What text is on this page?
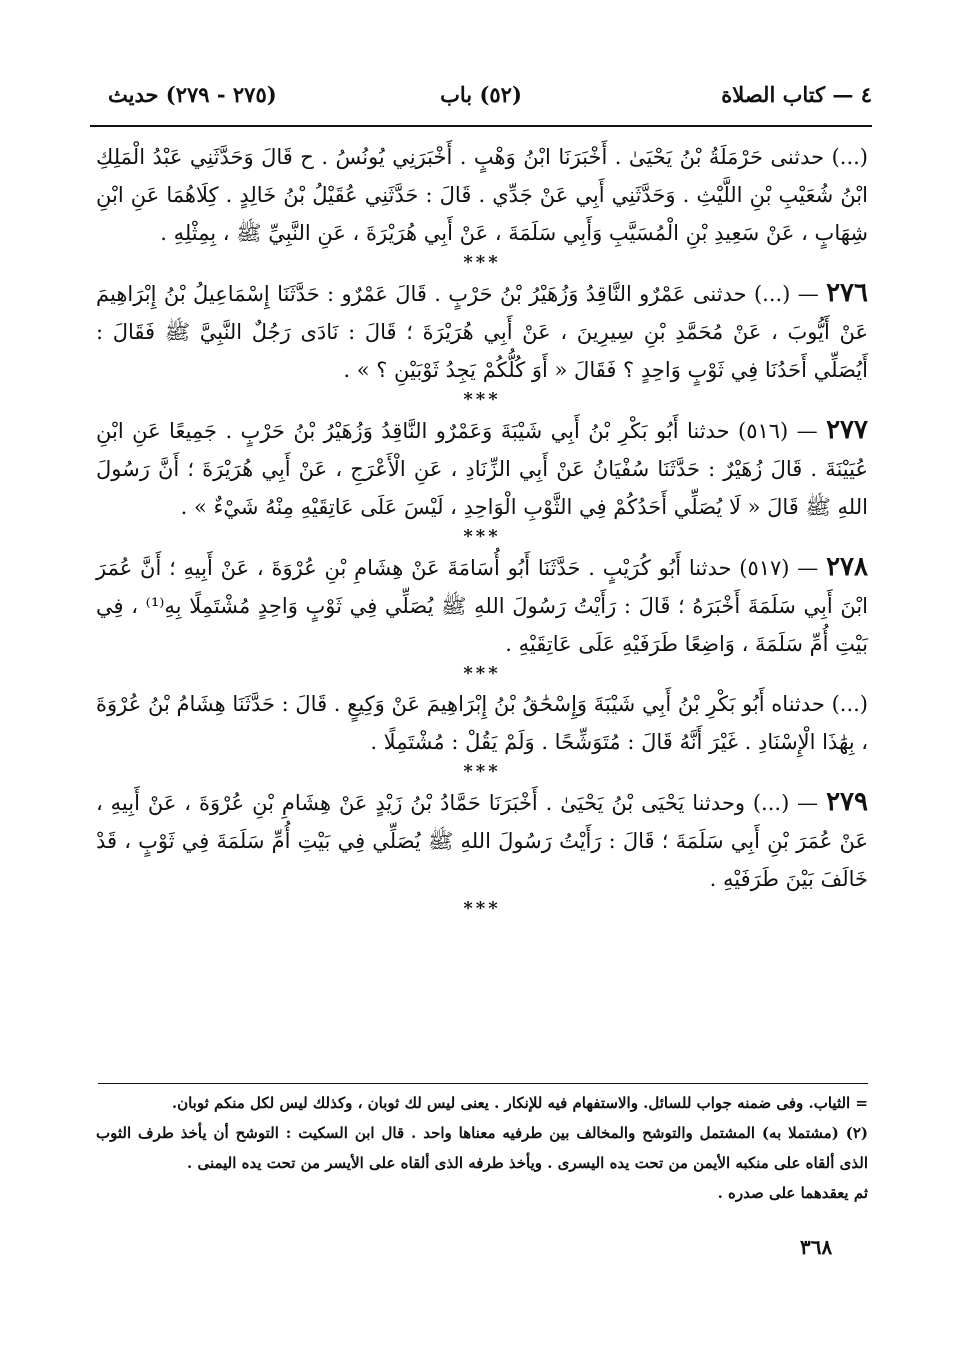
٤ — كتاب الصلاة
(٥٢) باب
(٢٧٥ - ٢٧٩) حديث

(...) حدثنى حَرْمَلَةُ بْنُ يَحْيَىٰ . أَخْبَرَنَا ابْنُ وَهْبٍ . أَخْبَرَنِي يُونُسُ . ح قَالَ وَحَدَّثَنِي عَبْدُ الْمَلِكِ ابْنُ شُعَيْبِ بْنِ اللَّيْثِ . وَحَدَّثَنِي أَبِي عَنْ جَدِّي . قَالَ : حَدَّثَنِي عُقَيْلُ بْنُ خَالِدٍ . كِلَاهُمَا عَنِ ابْنِ شِهَابٍ ، عَنْ سَعِيدِ بْنِ الْمُسَيَّبِ وَأَبِي سَلَمَةَ ، عَنْ أَبِي هُرَيْرَةَ ، عَنِ النَّبِيِّ ﷺ ، بِمِثْلِهِ .

***

٢٧٦ — (...) حدثنى عَمْرٌو النَّاقِدُ وَزُهَيْرُ بْنُ حَرْبٍ . قَالَ عَمْرٌو : حَدَّثَنَا إِسْمَاعِيلُ بْنُ إِبْرَاهِيمَ عَنْ أَيُّوبَ ، عَنْ مُحَمَّدِ بْنِ سِيرِينَ ، عَنْ أَبِي هُرَيْرَةَ ؛ قَالَ : نَادَى رَجُلٌ النَّبِيَّ ﷺ فَقَالَ : أَيُصَلِّي أَحَدُنَا فِي ثَوْبٍ وَاحِدٍ ؟ فَقَالَ « أَوَ كُلُّكُمْ يَجِدُ ثَوْبَيْنِ ؟ » .

***

٢٧٧ — (٥١٦) حدثنا أَبُو بَكْرِ بْنُ أَبِي شَيْبَةَ وَعَمْرٌو النَّاقِدُ وَزُهَيْرُ بْنُ حَرْبٍ . جَمِيعًا عَنِ ابْنِ عُيَيْنَةَ . قَالَ زُهَيْرٌ : حَدَّثَنَا سُفْيَانُ عَنْ أَبِي الزِّنَادِ ، عَنِ الْأَعْرَجِ ، عَنْ أَبِي هُرَيْرَةَ ؛ أَنَّ رَسُولَ اللهِ ﷺ قَالَ « لَا يُصَلِّي أَحَدُكُمْ فِي الثَّوْبِ الْوَاحِدِ ، لَيْسَ عَلَى عَاتِقَيْهِ مِنْهُ شَيْءٌ » .

***

٢٧٨ — (٥١٧) حدثنا أَبُو كُرَيْبٍ . حَدَّثَنَا أَبُو أُسَامَةَ عَنْ هِشَامِ بْنِ عُرْوَةَ ، عَنْ أَبِيهِ ؛ أَنَّ عُمَرَ ابْنَ أَبِي سَلَمَةَ أَخْبَرَهُ ؛ قَالَ : رَأَيْتُ رَسُولَ اللهِ ﷺ يُصَلِّي فِي ثَوْبٍ وَاحِدٍ مُشْتَمِلًا بِهِ⁽¹⁾ ، فِي بَيْتِ أُمِّ سَلَمَةَ ، وَاضِعًا طَرَفَيْهِ عَلَى عَاتِقَيْهِ .

***

(...) حدثناه أَبُو بَكْرِ بْنُ أَبِي شَيْبَةَ وَإِسْحَٰقُ بْنُ إِبْرَاهِيمَ عَنْ وَكِيعٍ . قَالَ : حَدَّثَنَا هِشَامُ بْنُ عُرْوَةَ ، بِهَٰذَا الْإِسْنَادِ . غَيْرَ أَنَّهُ قَالَ : مُتَوَشِّحًا . وَلَمْ يَقُلْ : مُشْتَمِلًا .

***

٢٧٩ — (...) وحدثنا يَحْيَى بْنُ يَحْيَىٰ . أَخْبَرَنَا حَمَّادُ بْنُ زَيْدٍ عَنْ هِشَامِ بْنِ عُرْوَةَ ، عَنْ أَبِيهِ ، عَنْ عُمَرَ بْنِ أَبِي سَلَمَةَ ؛ قَالَ : رَأَيْتُ رَسُولَ اللهِ ﷺ يُصَلِّي فِي بَيْتِ أُمِّ سَلَمَةَ فِي ثَوْبٍ ، قَدْ خَالَفَ بَيْنَ طَرَفَيْهِ .

***

= الثياب. وفى ضمنه جواب للسائل. والاستفهام فيه للإنكار . يعنى ليس لك ثوبان ، وكذلك ليس لكل منكم ثوبان.

(٢) (مشتملا به) المشتمل والتوشح والمخالف بين طرفيه معناها واحد . قال ابن السكيت : التوشح أن يأخذ طرف الثوب الذى ألقاه على منكبه الأيمن من تحت يده اليسرى . ويأخذ طرفه الذى ألقاه على الأيسر من تحت يده اليمنى .

ثم يعقدهما على صدره .

٣٦٨
